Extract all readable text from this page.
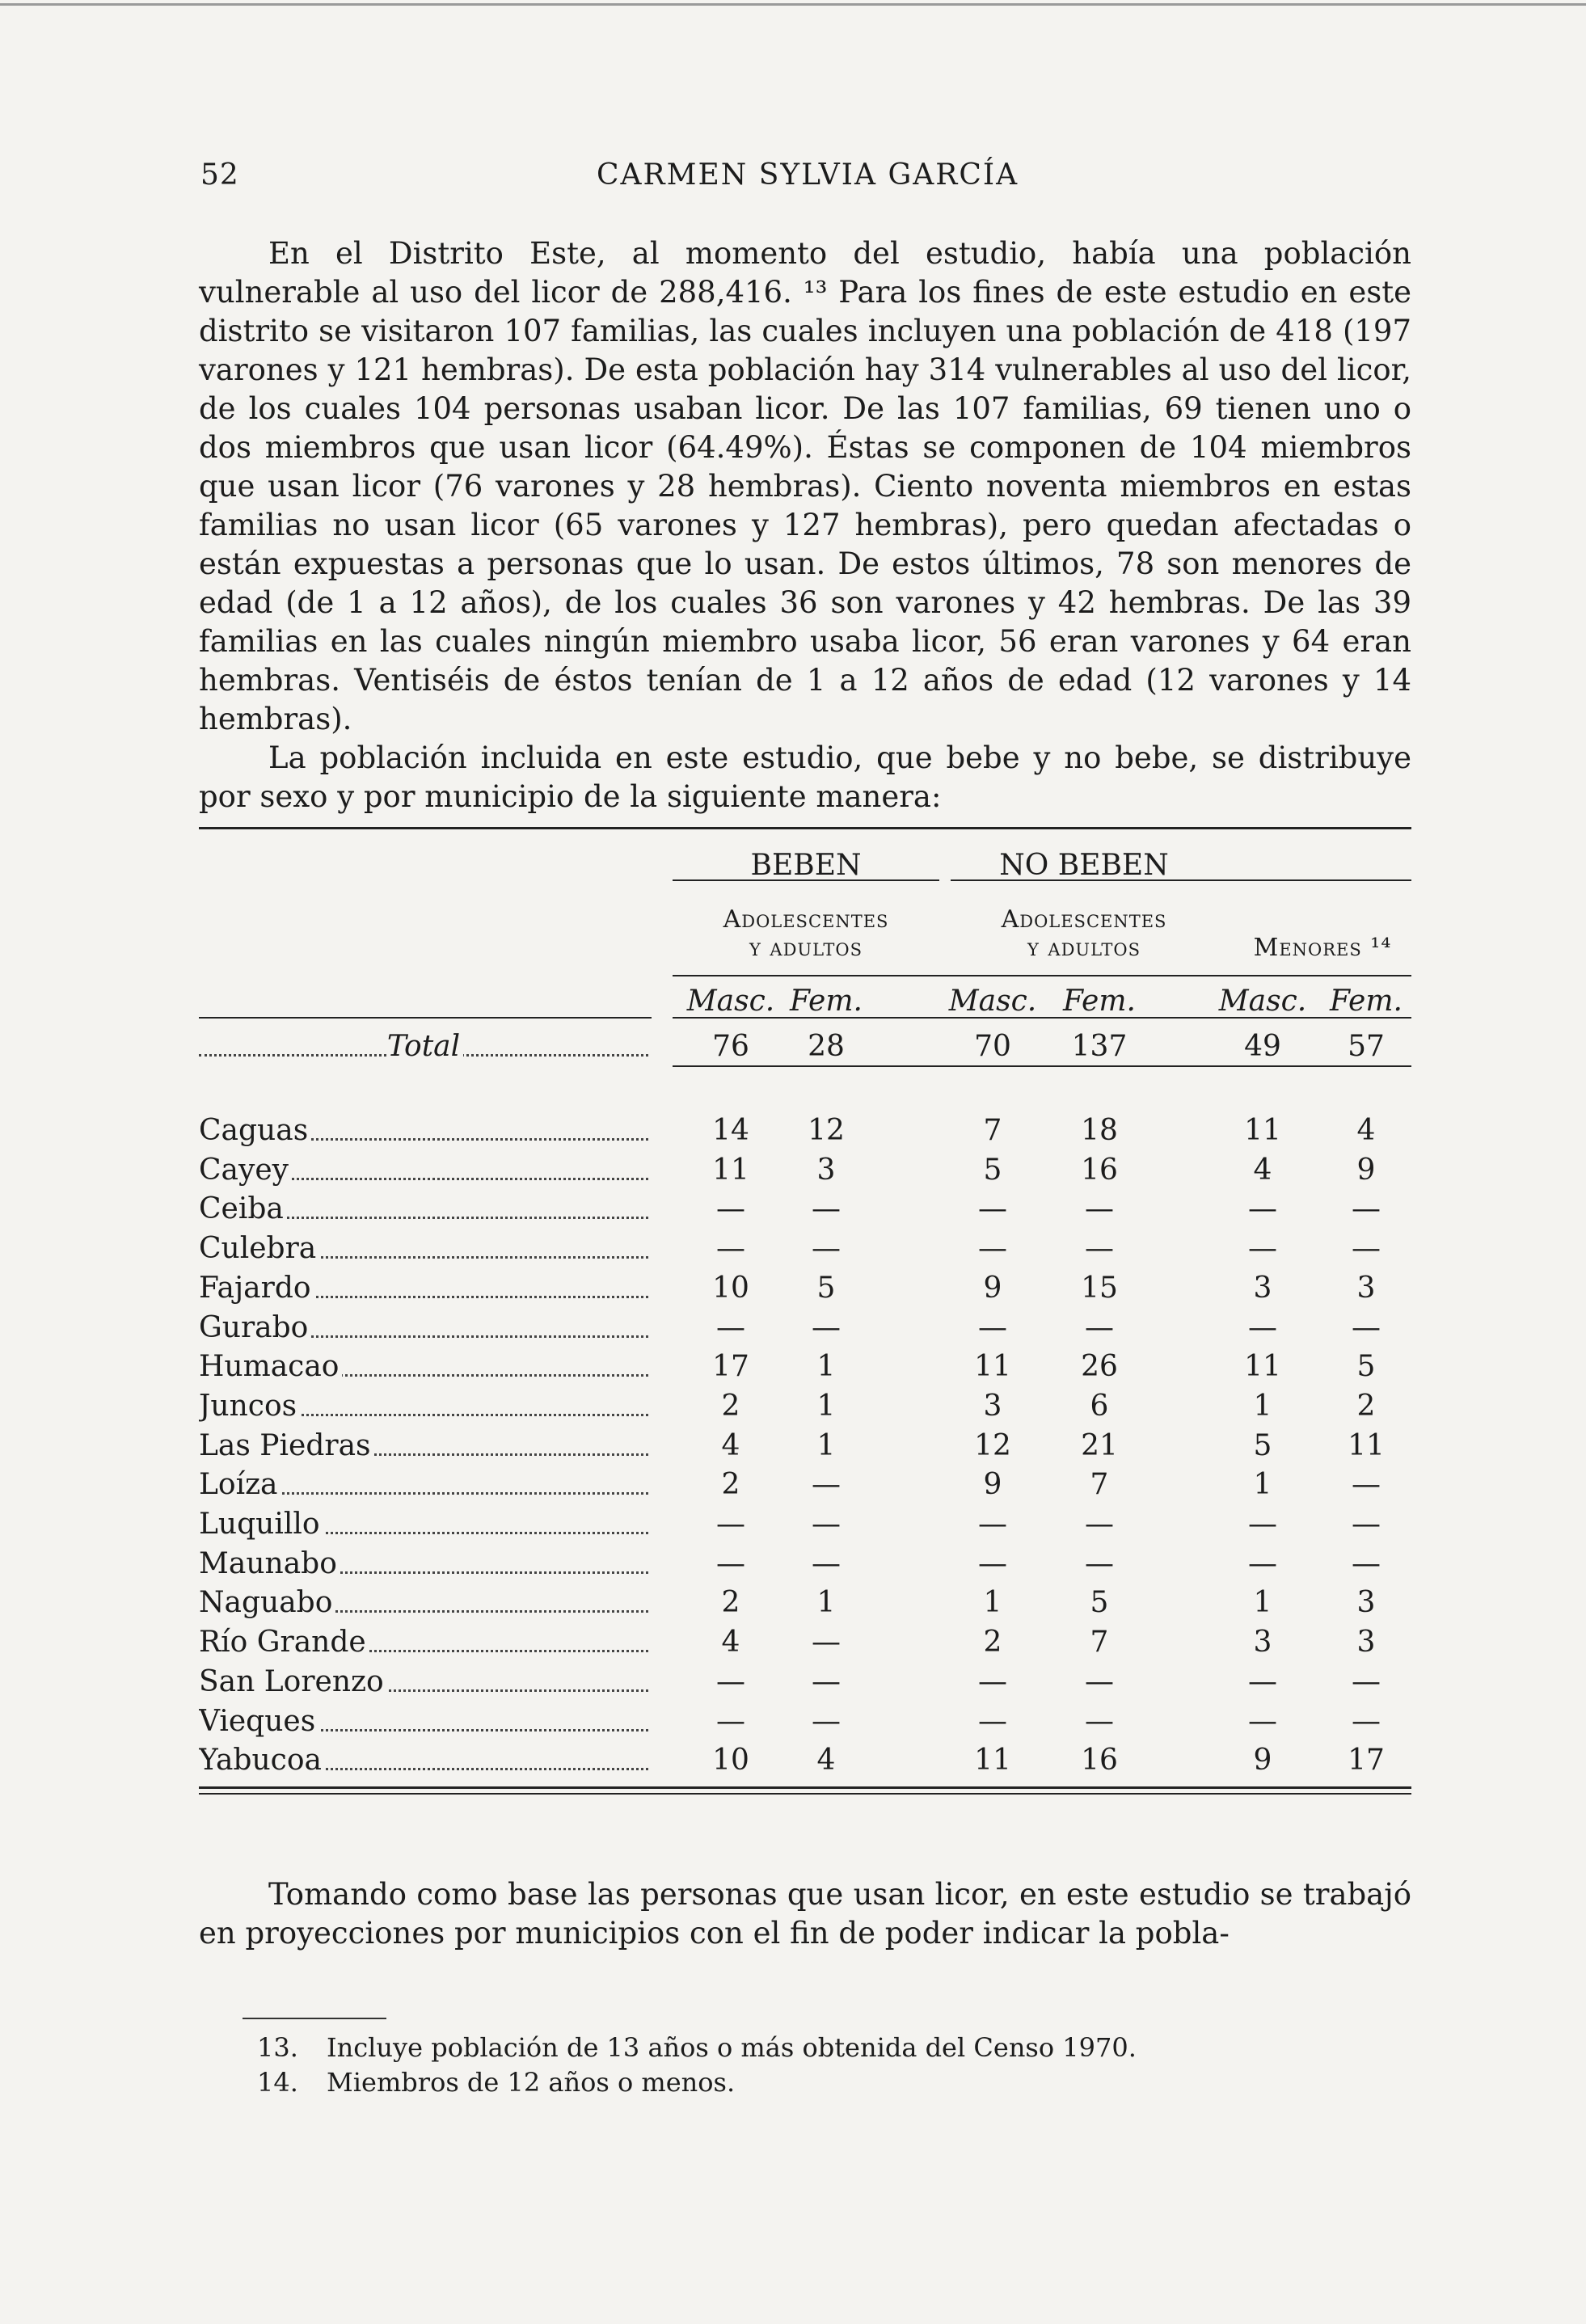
52	CARMEN SYLVIA GARCÍA

En el Distrito Este, al momento del estudio, había una población vulnerable al uso del licor de 288,416. ¹³ Para los fines de este estudio en este distrito se visitaron 107 familias, las cuales incluyen una población de 418 (197 varones y 121 hembras). De esta población hay 314 vulnerables al uso del licor, de los cuales 104 personas usaban licor. De las 107 familias, 69 tienen uno o dos miembros que usan licor (64.49%). Éstas se componen de 104 miembros que usan licor (76 varones y 28 hembras). Ciento noventa miembros en estas familias no usan licor (65 varones y 127 hembras), pero quedan afectadas o están expuestas a personas que lo usan. De estos últimos, 78 son menores de edad (de 1 a 12 años), de los cuales 36 son varones y 42 hembras. De las 39 familias en las cuales ningún miembro usaba licor, 56 eran varones y 64 eran hembras. Ventiséis de éstos tenían de 1 a 12 años de edad (12 varones y 14 hembras).

La población incluida en este estudio, que bebe y no bebe, se distribuye por sexo y por municipio de la siguiente manera:

BEBEN	NO BEBEN
Adolescentes
y adultos
Adolescentes
y adultos	Menores ¹⁴
Masc. Fem.	Masc. Fem.	Masc. Fem.
Total	76	28	70	137	49	57
Caguas	14	12	7	18	11	4
Cayey	11	3	5	16	4	9
Ceiba	—	—	—	—	—	—
Culebra	—	—	—	—	—	—
Fajardo	10	5	9	15	3	3
Gurabo	—	—	—	—	—	—
Humacao	17	1	11	26	11	5
Juncos	2	1	3	6	1	2
Las Piedras	4	1	12	21	5	11
Loíza	2	—	9	7	1	—
Luquillo	—	—	—	—	—	—
Maunabo	—	—	—	—	—	—
Naguabo	2	1	1	5	1	3
Río Grande	4	—	2	7	3	3
San Lorenzo	—	—	—	—	—	—
Vieques	—	—	—	—	—	—
Yabucoa	10	4	11	16	9	17

Tomando como base las personas que usan licor, en este estudio se trabajó en proyecciones por municipios con el fin de poder indicar la pobla-

13. Incluye población de 13 años o más obtenida del Censo 1970.
14. Miembros de 12 años o menos.
